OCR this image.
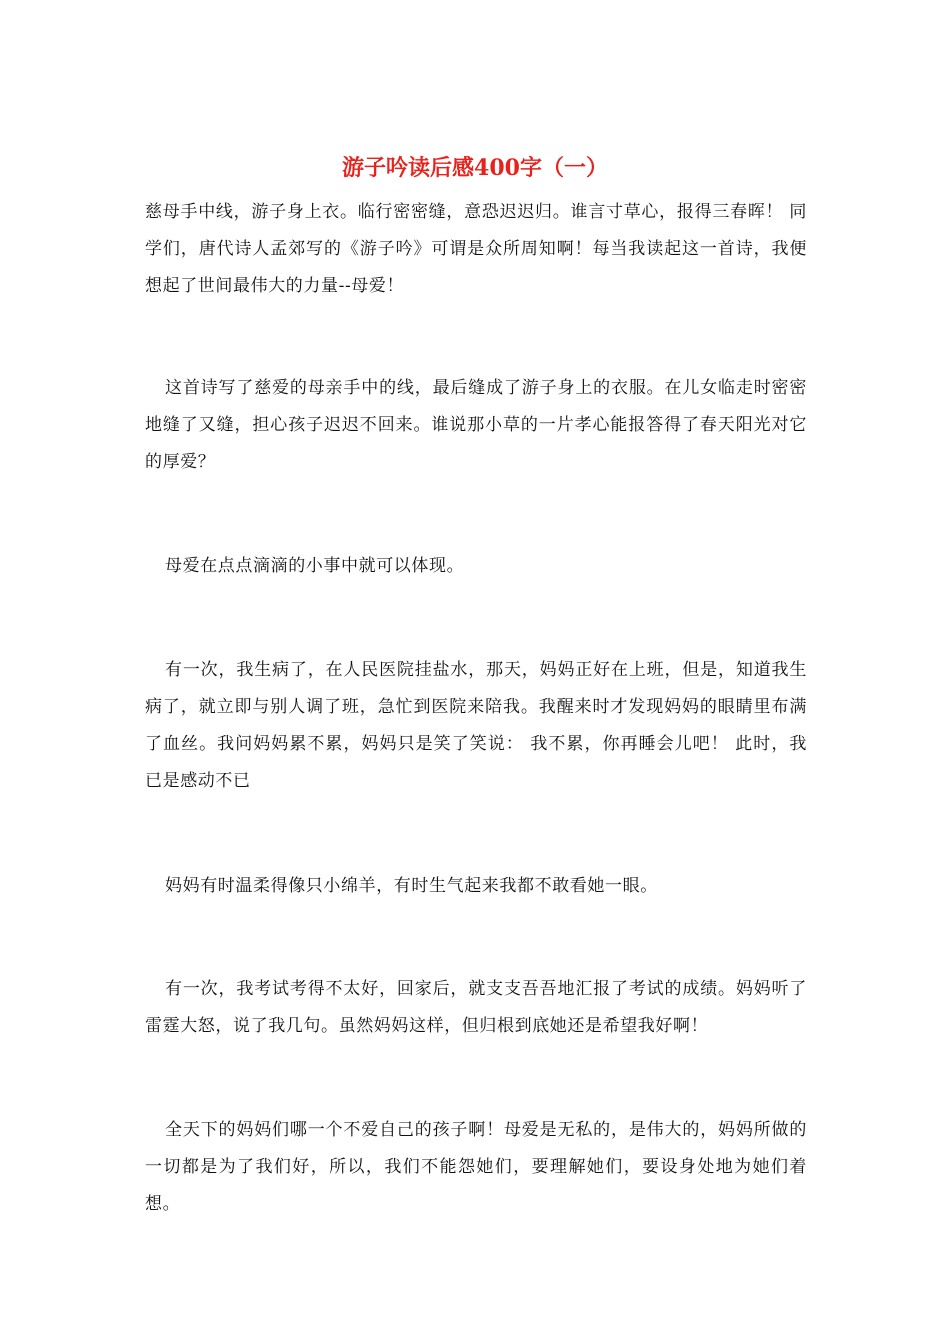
游子吟读后感400字（一）

慈母手中线，游子身上衣。临行密密缝，意恐迟迟归。谁言寸草心，报得三春晖！ 同学们，唐代诗人孟郊写的《游子吟》可谓是众所周知啊！每当我读起这一首诗，我便想起了世间最伟大的力量--母爱！

这首诗写了慈爱的母亲手中的线，最后缝成了游子身上的衣服。在儿女临走时密密地缝了又缝，担心孩子迟迟不回来。谁说那小草的一片孝心能报答得了春天阳光对它的厚爱？

母爱在点点滴滴的小事中就可以体现。

有一次，我生病了，在人民医院挂盐水，那天，妈妈正好在上班，但是，知道我生病了，就立即与别人调了班，急忙到医院来陪我。我醒来时才发现妈妈的眼睛里布满了血丝。我问妈妈累不累，妈妈只是笑了笑说： 我不累，你再睡会儿吧！ 此时，我已是感动不已

妈妈有时温柔得像只小绵羊，有时生气起来我都不敢看她一眼。

有一次，我考试考得不太好，回家后，就支支吾吾地汇报了考试的成绩。妈妈听了雷霆大怒，说了我几句。虽然妈妈这样，但归根到底她还是希望我好啊！

全天下的妈妈们哪一个不爱自己的孩子啊！母爱是无私的，是伟大的，妈妈所做的一切都是为了我们好，所以，我们不能怨她们，要理解她们，要设身处地为她们着想。
